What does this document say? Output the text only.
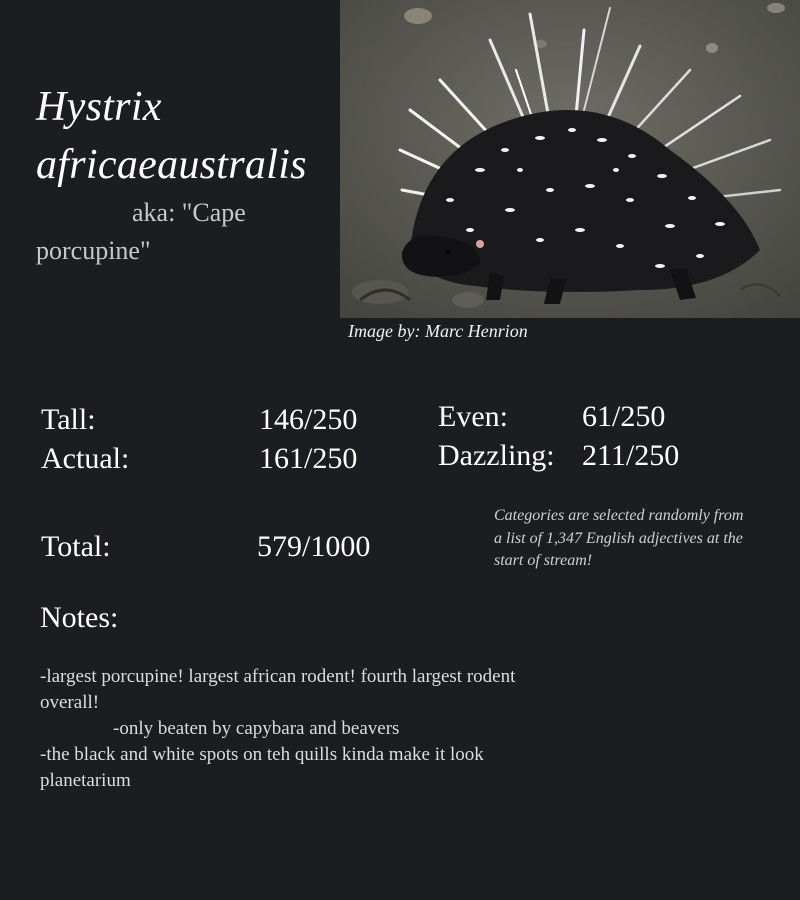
Hystrix
africaeaustralis
aka: "Cape porcupine"
Image by: Marc Henrion
Tall:	146/250
Actual:	161/250
Even: 61/250
Dazzling: 211/250
Total:	579/1000
Categories are selected randomly from a list of 1,347 English adjectives at the start of stream!
Notes:
-largest porcupine! largest african rodent! fourth largest rodent overall!
-only beaten by capybara and beavers
-the black and white spots on teh quills kinda make it look planetarium
